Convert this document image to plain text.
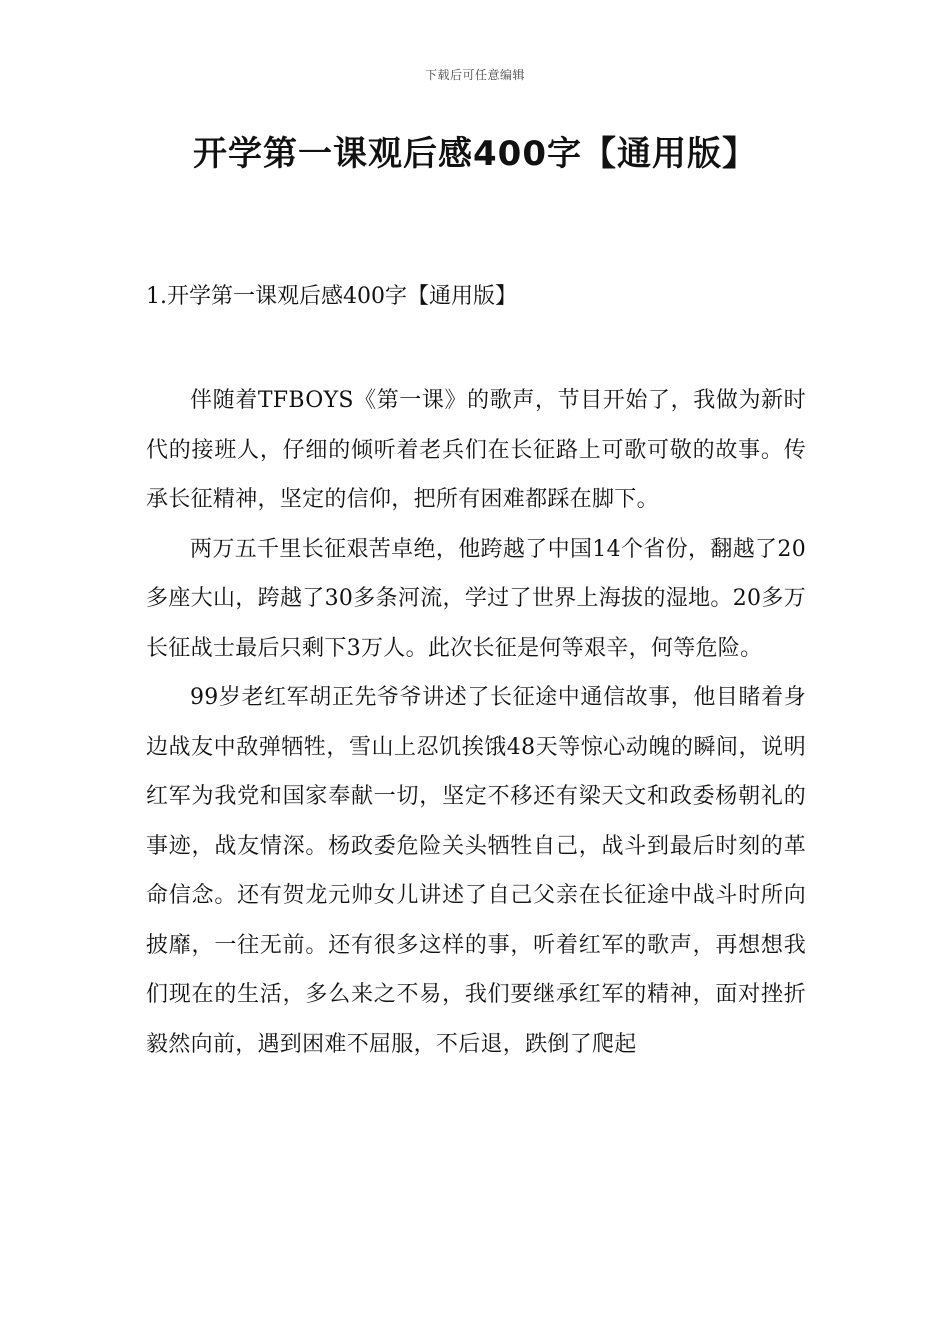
下载后可任意编辑
开学第一课观后感400字【通用版】
1.开学第一课观后感400字【通用版】

伴随着TFBOYS《第一课》的歌声，节目开始了，我做为新时代的接班人，仔细的倾听着老兵们在长征路上可歌可敬的故事。传承长征精神，坚定的信仰，把所有困难都踩在脚下。

两万五千里长征艰苦卓绝，他跨越了中国14个省份，翻越了20多座大山，跨越了30多条河流，学过了世界上海拔的湿地。20多万长征战士最后只剩下3万人。此次长征是何等艰辛，何等危险。

99岁老红军胡正先爷爷讲述了长征途中通信故事，他目睹着身边战友中敌弹牺牲，雪山上忍饥挨饿48天等惊心动魄的瞬间，说明红军为我党和国家奉献一切，坚定不移还有梁天文和政委杨朝礼的事迹，战友情深。杨政委危险关头牺牲自己，战斗到最后时刻的革命信念。还有贺龙元帅女儿讲述了自己父亲在长征途中战斗时所向披靡，一往无前。还有很多这样的事，听着红军的歌声，再想想我们现在的生活，多么来之不易，我们要继承红军的精神，面对挫折毅然向前，遇到困难不屈服，不后退，跌倒了爬起
